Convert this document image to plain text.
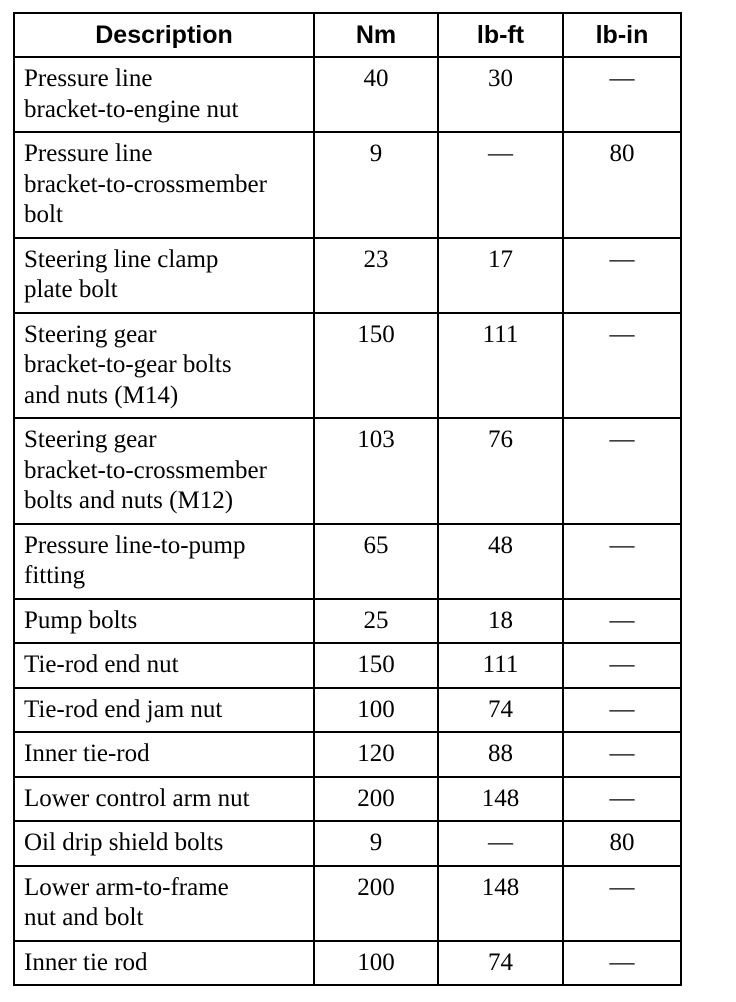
Description	Nm	lb-ft	lb-in

Pressure line
bracket-to-engine nut	40	30	—

Pressure line
bracket-to-crossmember
bolt	9	—	80

Steering line clamp
plate bolt	23	17	—

Steering gear
bracket-to-gear bolts
and nuts (M14)	150	111	—

Steering gear
bracket-to-crossmember
bolts and nuts (M12)	103	76	—

Pressure line-to-pump
fitting	65	48	—

Pump bolts	25	18	—

Tie-rod end nut	150	111	—

Tie-rod end jam nut	100	74	—

Inner tie-rod	120	88	—

Lower control arm nut	200	148	—

Oil drip shield bolts	9	—	80

Lower arm-to-frame
nut and bolt	200	148	—

Inner tie rod	100	74	—
